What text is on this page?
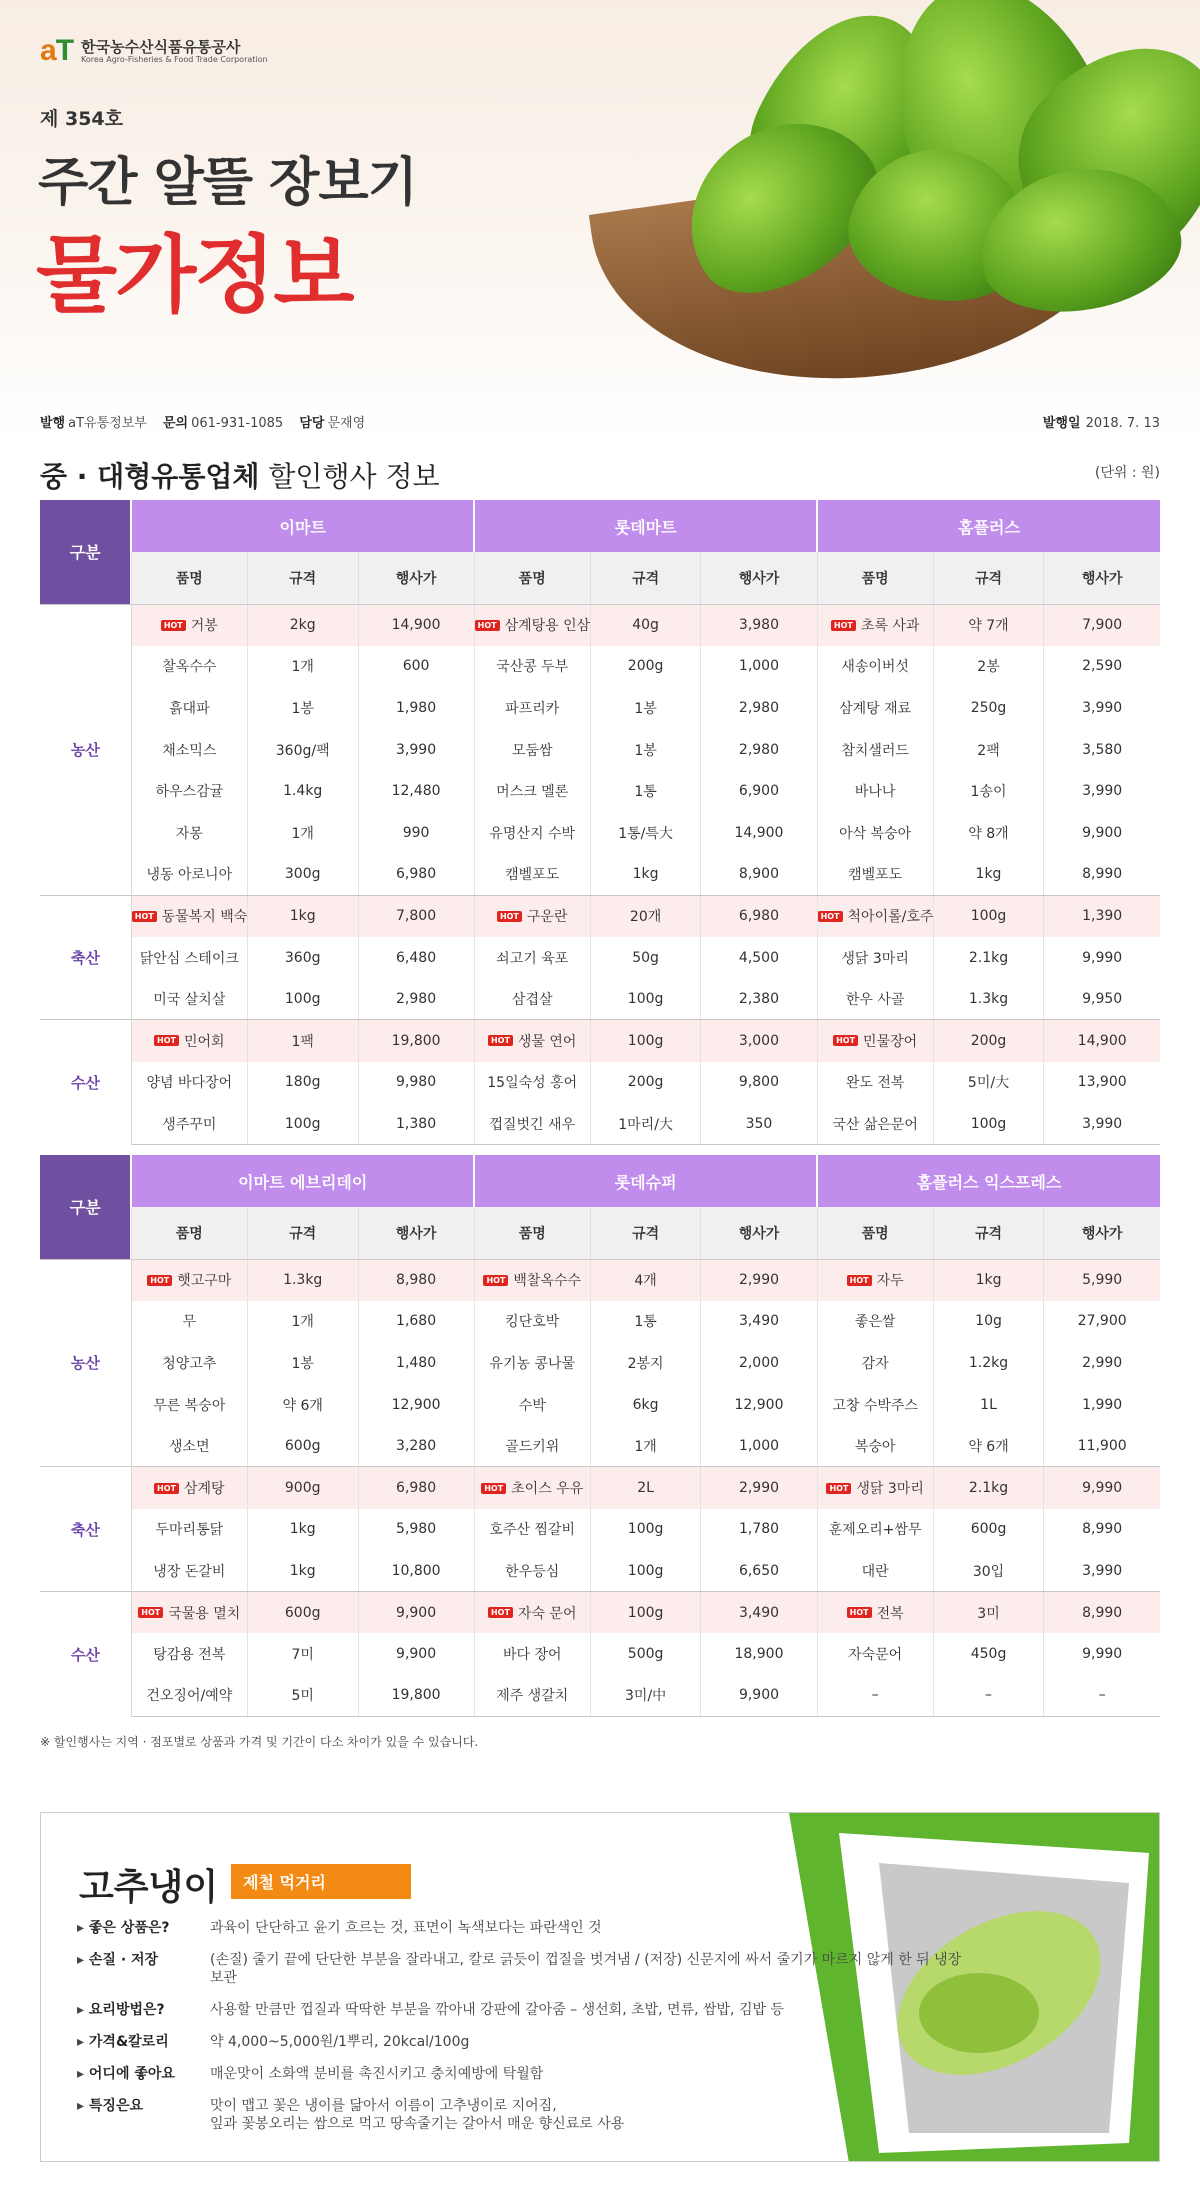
aT 한국농수산식품유통공사
Korea Agro-Fisheries & Food Trade Corporation
제 354호
주간 알뜰 장보기
물가정보
발행 aT유통정보부 문의 061-931-1085 담당 문재영	발행일 2018. 7. 13
중 · 대형유통업체 할인행사 정보	(단위 : 원)
구분	이마트			롯데마트			홈플러스		
	품명	규격	행사가	품명	규격	행사가	품명	규격	행사가
농산	HOT 거봉	2kg	14,900	HOT 삼계탕용 인삼	40g	3,980	HOT 초록 사과	약 7개	7,900
	찰옥수수	1개	600	국산콩 두부	200g	1,000	새송이버섯	2봉	2,590
	흙대파	1봉	1,980	파프리카	1봉	2,980	삼계탕 재료	250g	3,990
	채소믹스	360g/팩	3,990	모둠쌈	1봉	2,980	참치샐러드	2팩	3,580
	하우스감귤	1.4kg	12,480	머스크 멜론	1통	6,900	바나나	1송이	3,990
	자몽	1개	990	유명산지 수박	1통/특大	14,900	아삭 복숭아	약 8개	9,900
	냉동 아로니아	300g	6,980	캠벨포도	1kg	8,900	캠벨포도	1kg	8,990
축산	HOT 동물복지 백숙	1kg	7,800	HOT 구운란	20개	6,980	HOT 척아이롤/호주	100g	1,390
	닭안심 스테이크	360g	6,480	쇠고기 육포	50g	4,500	생닭 3마리	2.1kg	9,990
	미국 살치살	100g	2,980	삼겹살	100g	2,380	한우 사골	1.3kg	9,950
수산	HOT 민어회	1팩	19,800	HOT 생물 연어	100g	3,000	HOT 민물장어	200g	14,900
	양념 바다장어	180g	9,980	15일숙성 홍어	200g	9,800	완도 전복	5미/大	13,900
	생주꾸미	100g	1,380	껍질벗긴 새우	1마리/大	350	국산 삶은문어	100g	3,990
구분	이마트 에브리데이			롯데슈퍼			홈플러스 익스프레스		
	품명	규격	행사가	품명	규격	행사가	품명	규격	행사가
농산	HOT 햇고구마	1.3kg	8,980	HOT 백찰옥수수	4개	2,990	HOT 자두	1kg	5,990
	무	1개	1,680	킹단호박	1통	3,490	좋은쌀	10g	27,900
	청양고추	1봉	1,480	유기농 콩나물	2봉지	2,000	감자	1.2kg	2,990
	무른 복숭아	약 6개	12,900	수박	6kg	12,900	고창 수박주스	1L	1,990
	생소면	600g	3,280	골드키위	1개	1,000	복숭아	약 6개	11,900
축산	HOT 삼계탕	900g	6,980	HOT 초이스 우유	2L	2,990	HOT 생닭 3마리	2.1kg	9,990
	두마리통닭	1kg	5,980	호주산 찜갈비	100g	1,780	훈제오리+쌈무	600g	8,990
	냉장 돈갈비	1kg	10,800	한우등심	100g	6,650	대란	30입	3,990
수산	HOT 국물용 멸치	600g	9,900	HOT 자숙 문어	100g	3,490	HOT 전복	3미	8,990
	탕감용 전복	7미	9,900	바다 장어	500g	18,900	자숙문어	450g	9,990
	건오징어/예약	5미	19,800	제주 생갈치	3미/中	9,900	–	–	–
※ 할인행사는 지역 · 점포별로 상품과 가격 및 기간이 다소 차이가 있을 수 있습니다.
고추냉이	제철 먹거리
▸ 좋은 상품은?	과육이 단단하고 윤기 흐르는 것, 표면이 녹색보다는 파란색인 것
▸ 손질 · 저장	(손질) 줄기 끝에 단단한 부분을 잘라내고, 칼로 긁듯이 껍질을 벗겨냄 / (저장) 신문지에 싸서 줄기가 마르지 않게 한 뒤 냉장보관
▸ 요리방법은?	사용할 만큼만 껍질과 딱딱한 부분을 깎아내 강판에 갈아줌 – 생선회, 초밥, 면류, 쌈밥, 김밥 등
▸ 가격&칼로리	약 4,000~5,000원/1뿌리, 20kcal/100g
▸ 어디에 좋아요	매운맛이 소화액 분비를 촉진시키고 충치예방에 탁월함
▸ 특징은요	맛이 맵고 꽃은 냉이를 닮아서 이름이 고추냉이로 지어짐,
잎과 꽃봉오리는 쌈으로 먹고 땅속줄기는 갈아서 매운 향신료로 사용
